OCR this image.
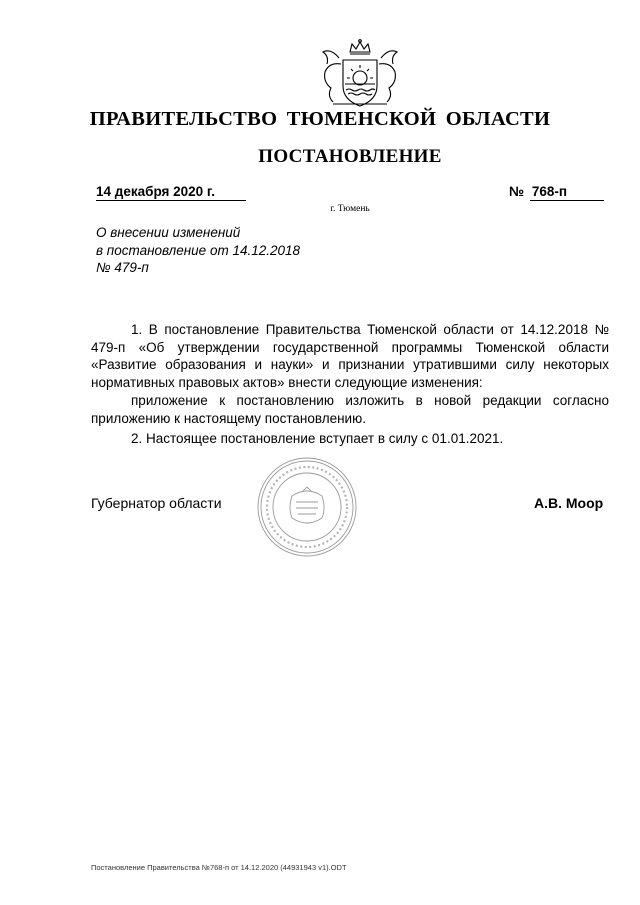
ПРАВИТЕЛЬСТВО ТЮМЕНСКОЙ ОБЛАСТИ
ПОСТАНОВЛЕНИЕ
14 декабря 2020 г.	№ 768-п
г. Тюмень
О внесении изменений
в постановление от 14.12.2018
№ 479-п
1. В постановление Правительства Тюменской области от 14.12.2018 № 479-п «Об утверждении государственной программы Тюменской области «Развитие образования и науки» и признании утратившими силу некоторых нормативных правовых актов» внести следующие изменения:
приложение к постановлению изложить в новой редакции согласно приложению к настоящему постановлению.
2. Настоящее постановление вступает в силу с 01.01.2021.
Губернатор области	А.В. Моор
Постановление Правительства №768-п от 14.12.2020 (44931943 v1).ODT
